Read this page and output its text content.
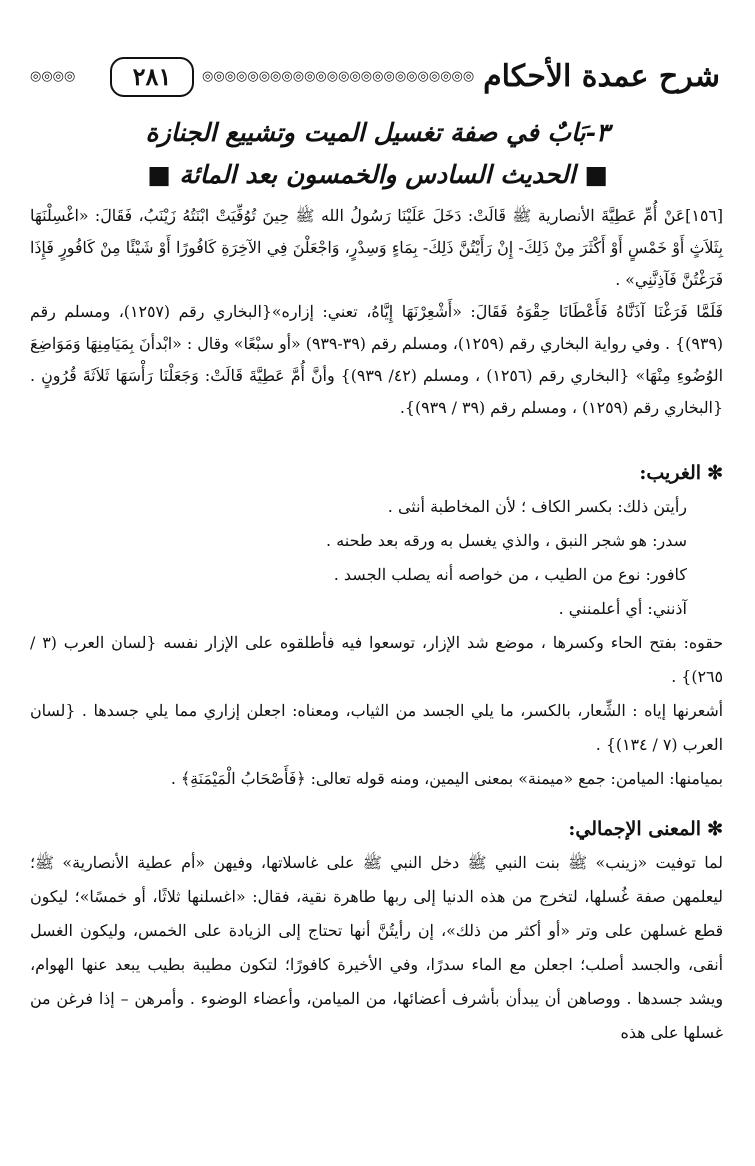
◎◎◎◎	٢٨١	◎◎◎◎◎◎◎◎◎◎◎◎◎◎◎◎◎◎◎◎◎◎◎◎ شرح عمدة الأحكام
٣-بَابٌ في صفة تغسيل الميت وتشييع الجنازة
■ الحديث السادس والخمسون بعد المائة ■

[١٥٦]عَنْ أُمِّ عَطِيَّةَ الأنصارية ﷺ قَالَتْ: دَخَلَ عَلَيْنَا رَسُولُ الله ﷺ حِينَ تُوُفِّيَتْ ابْنَتُهُ زَيْنَبُ، فَقَالَ: «اغْسِلْنَهَا بِثَلاَثٍ أَوْ خَمْسٍ أَوْ أَكْثَرَ مِنْ ذَلِكَ- إِنْ رَأَيْتُنَّ ذَلِكَ- بِمَاءٍ وَسِدْرٍ، وَاجْعَلْنَ فِي الآخِرَةِ كَافُورًا أَوْ شَيْئًا مِنْ كَافُورٍ فَإِذَا فَرَغْتُنَّ فَآذِنَّنِي» .

فَلَمَّا فَرَغْنَا آذَنَّاهُ فَأَعْطَانَا حِقْوَهُ فَقَالَ: «أَشْعِرْنَهَا إِيَّاهُ، تعني: إزاره»{البخاري رقم (١٢٥٧)، ومسلم رقم (٩٣٩)} . وفي رواية البخاري رقم (١٢٥٩)، ومسلم رقم (٣٩-٩٣٩) «أو سبْعًا» وقال : «ابْدأنَ بِمَيَامِنِهَا وَمَوَاضِعَ الوُضُوءِ مِنْهَا» {البخاري رقم (١٢٥٦) ، ومسلم (٤٢/ ٩٣٩)} وأنَّ أُمَّ عَطِيَّةَ قَالَتْ: وَجَعَلْنَا رَأْسَهَا ثَلاَثَةَ قُرُونٍ . {البخاري رقم (١٢٥٩) ، ومسلم رقم (٣٩ / ٩٣٩)}.

✻الغريب:

رأيتن ذلك: بكسر الكاف ؛ لأن المخاطبة أنثى .

سدر: هو شجر النبق ، والذي يغسل به ورقه بعد طحنه .

كافور: نوع من الطيب ، من خواصه أنه يصلب الجسد .

آذنني: أي أعلمنني .

حقوه: بفتح الحاء وكسرها ، موضع شد الإزار، توسعوا فيه فأطلقوه على الإزار نفسه {لسان العرب (٣ / ٢٦٥)} .

أشعرنها إياه : الشِّعار، بالكسر، ما يلي الجسد من الثياب، ومعناه: اجعلن إزاري مما يلي جسدها . {لسان العرب (٧ / ١٣٤)} .

بميامنها: الميامن: جمع «ميمنة» بمعنى اليمين، ومنه قوله تعالى: ﴿فَأَصْحَابُ الْمَيْمَنَةِ﴾ .

✻المعنى الإجمالي:

لما توفيت «زينب» ﷺ بنت النبي ﷺ دخل النبي ﷺ على غاسلاتها، وفيهن «أم عطية الأنصارية» ﷺ؛ ليعلمهن صفة غُسلها، لتخرج من هذه الدنيا إلى ربها طاهرة نقية، فقال: «اغسلنها ثلاثًا، أو خمسًا»؛ ليكون قطع غسلهن على وتر «أو أكثر من ذلك»، إن رأيتُنَّ أنها تحتاج إلى الزيادة على الخمس، وليكون الغسل أنقى، والجسد أصلب؛ اجعلن مع الماء سدرًا، وفي الأخيرة كافورًا؛ لتكون مطيبة بطيب يبعد عنها الهوام، ويشد جسدها . ووصاهن أن يبدأن بأشرف أعضائها، من الميامن، وأعضاء الوضوء . وأمرهن – إذا فرغن من غسلها على هذه
